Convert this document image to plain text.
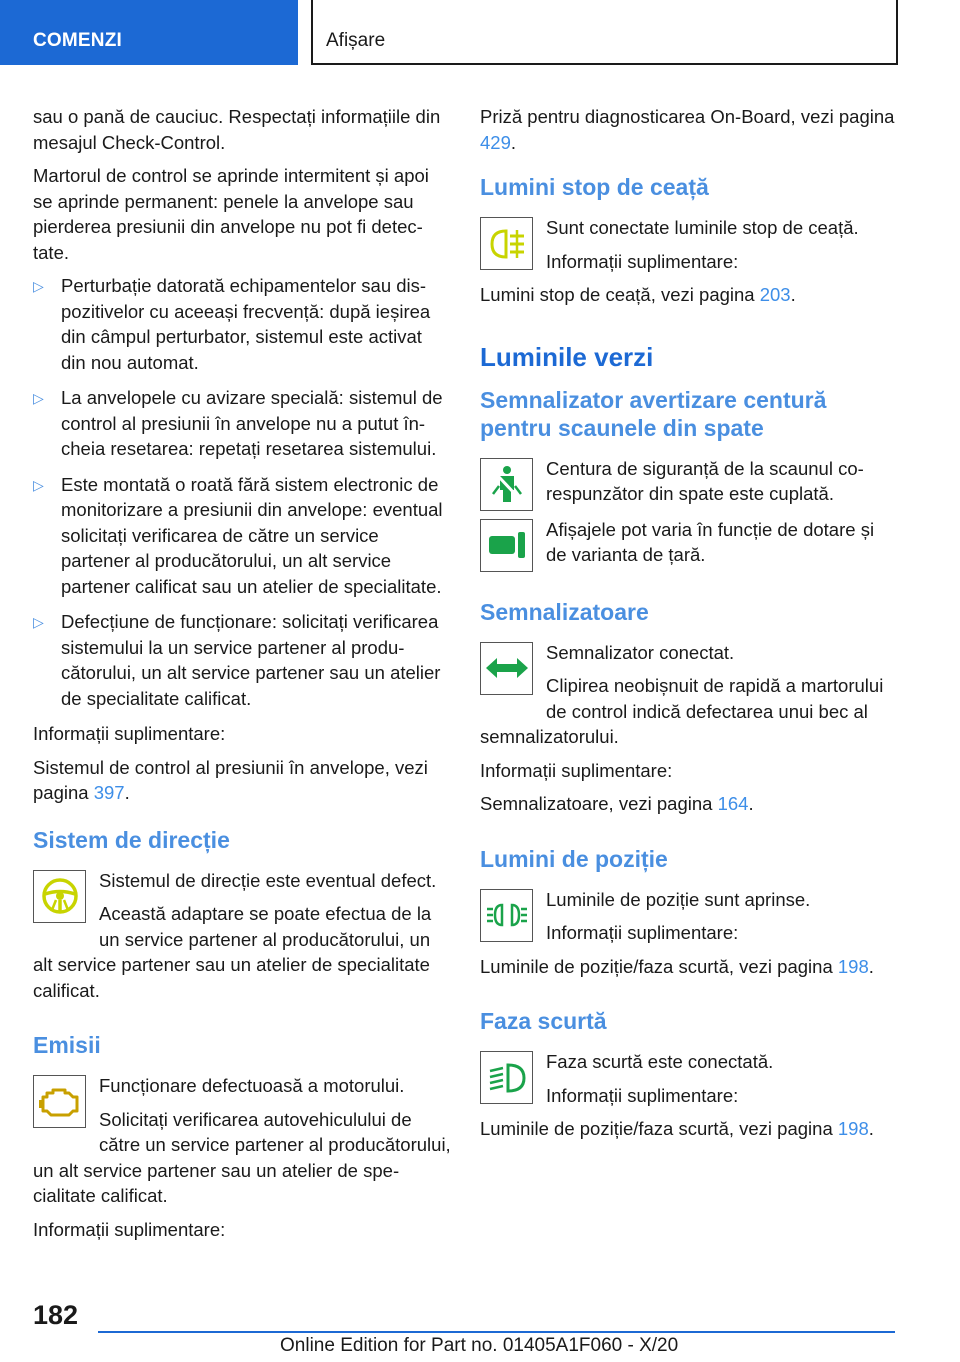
COMENZI	Afișare

sau o pană de cauciuc. Respectați informațiile din mesajul Check-Control.

Martorul de control se aprinde intermitent și apoi se aprinde permanent: penele la anvelope sau pierderea presiunii din anvelope nu pot fi detectate.

▷ Perturbație datorată echipamentelor sau dispozitivelor cu aceeași frecvență: după ieșirea din câmpul perturbator, sistemul este activat din nou automat.
▷ La anvelopele cu avizare specială: sistemul de control al presiunii în anvelope nu a putut încheia resetarea: repetați resetarea sistemului.
▷ Este montată o roată fără sistem electronic de monitorizare a presiunii din anvelope: eventual solicitați verificarea de către un service partener al producătorului, un alt service partener calificat sau un atelier de specialitate.
▷ Defecțiune de funcționare: solicitați verificarea sistemului la un service partener al producătorului, un alt service partener sau un atelier de specialitate calificat.

Informații suplimentare:

Sistemul de control al presiunii în anvelope, vezi pagina 397.

Sistem de direcție

Sistemul de direcție este eventual defect.

Această adaptare se poate efectua de la un service partener al producătorului, un alt service partener sau un atelier de specialitate calificat.

Emisii

Funcționare defectuoasă a motorului.

Solicitați verificarea autovehiculului de către un service partener al producătorului, un alt service partener sau un atelier de specialitate calificat.

Informații suplimentare:

Priză pentru diagnosticarea On-Board, vezi pagina 429.

Lumini stop de ceață

Sunt conectate luminile stop de ceață.

Informații suplimentare:

Lumini stop de ceață, vezi pagina 203.

Luminile verzi
Semnalizator avertizare centură pentru scaunele din spate

Centura de siguranță de la scaunul corespunzător din spate este cuplată.

Afișajele pot varia în funcție de dotare și de varianta de țară.

Semnalizatoare

Semnalizator conectat.

Clipirea neobișnuit de rapidă a martorului de control indică defectarea unui bec al semnalizatorului.

Informații suplimentare:

Semnalizatoare, vezi pagina 164.

Lumini de poziție

Luminile de poziție sunt aprinse.

Informații suplimentare:

Luminile de poziție/faza scurtă, vezi pagina 198.

Faza scurtă

Faza scurtă este conectată.

Informații suplimentare:

Luminile de poziție/faza scurtă, vezi pagina 198.

182
Online Edition for Part no. 01405A1F060 - X/20
